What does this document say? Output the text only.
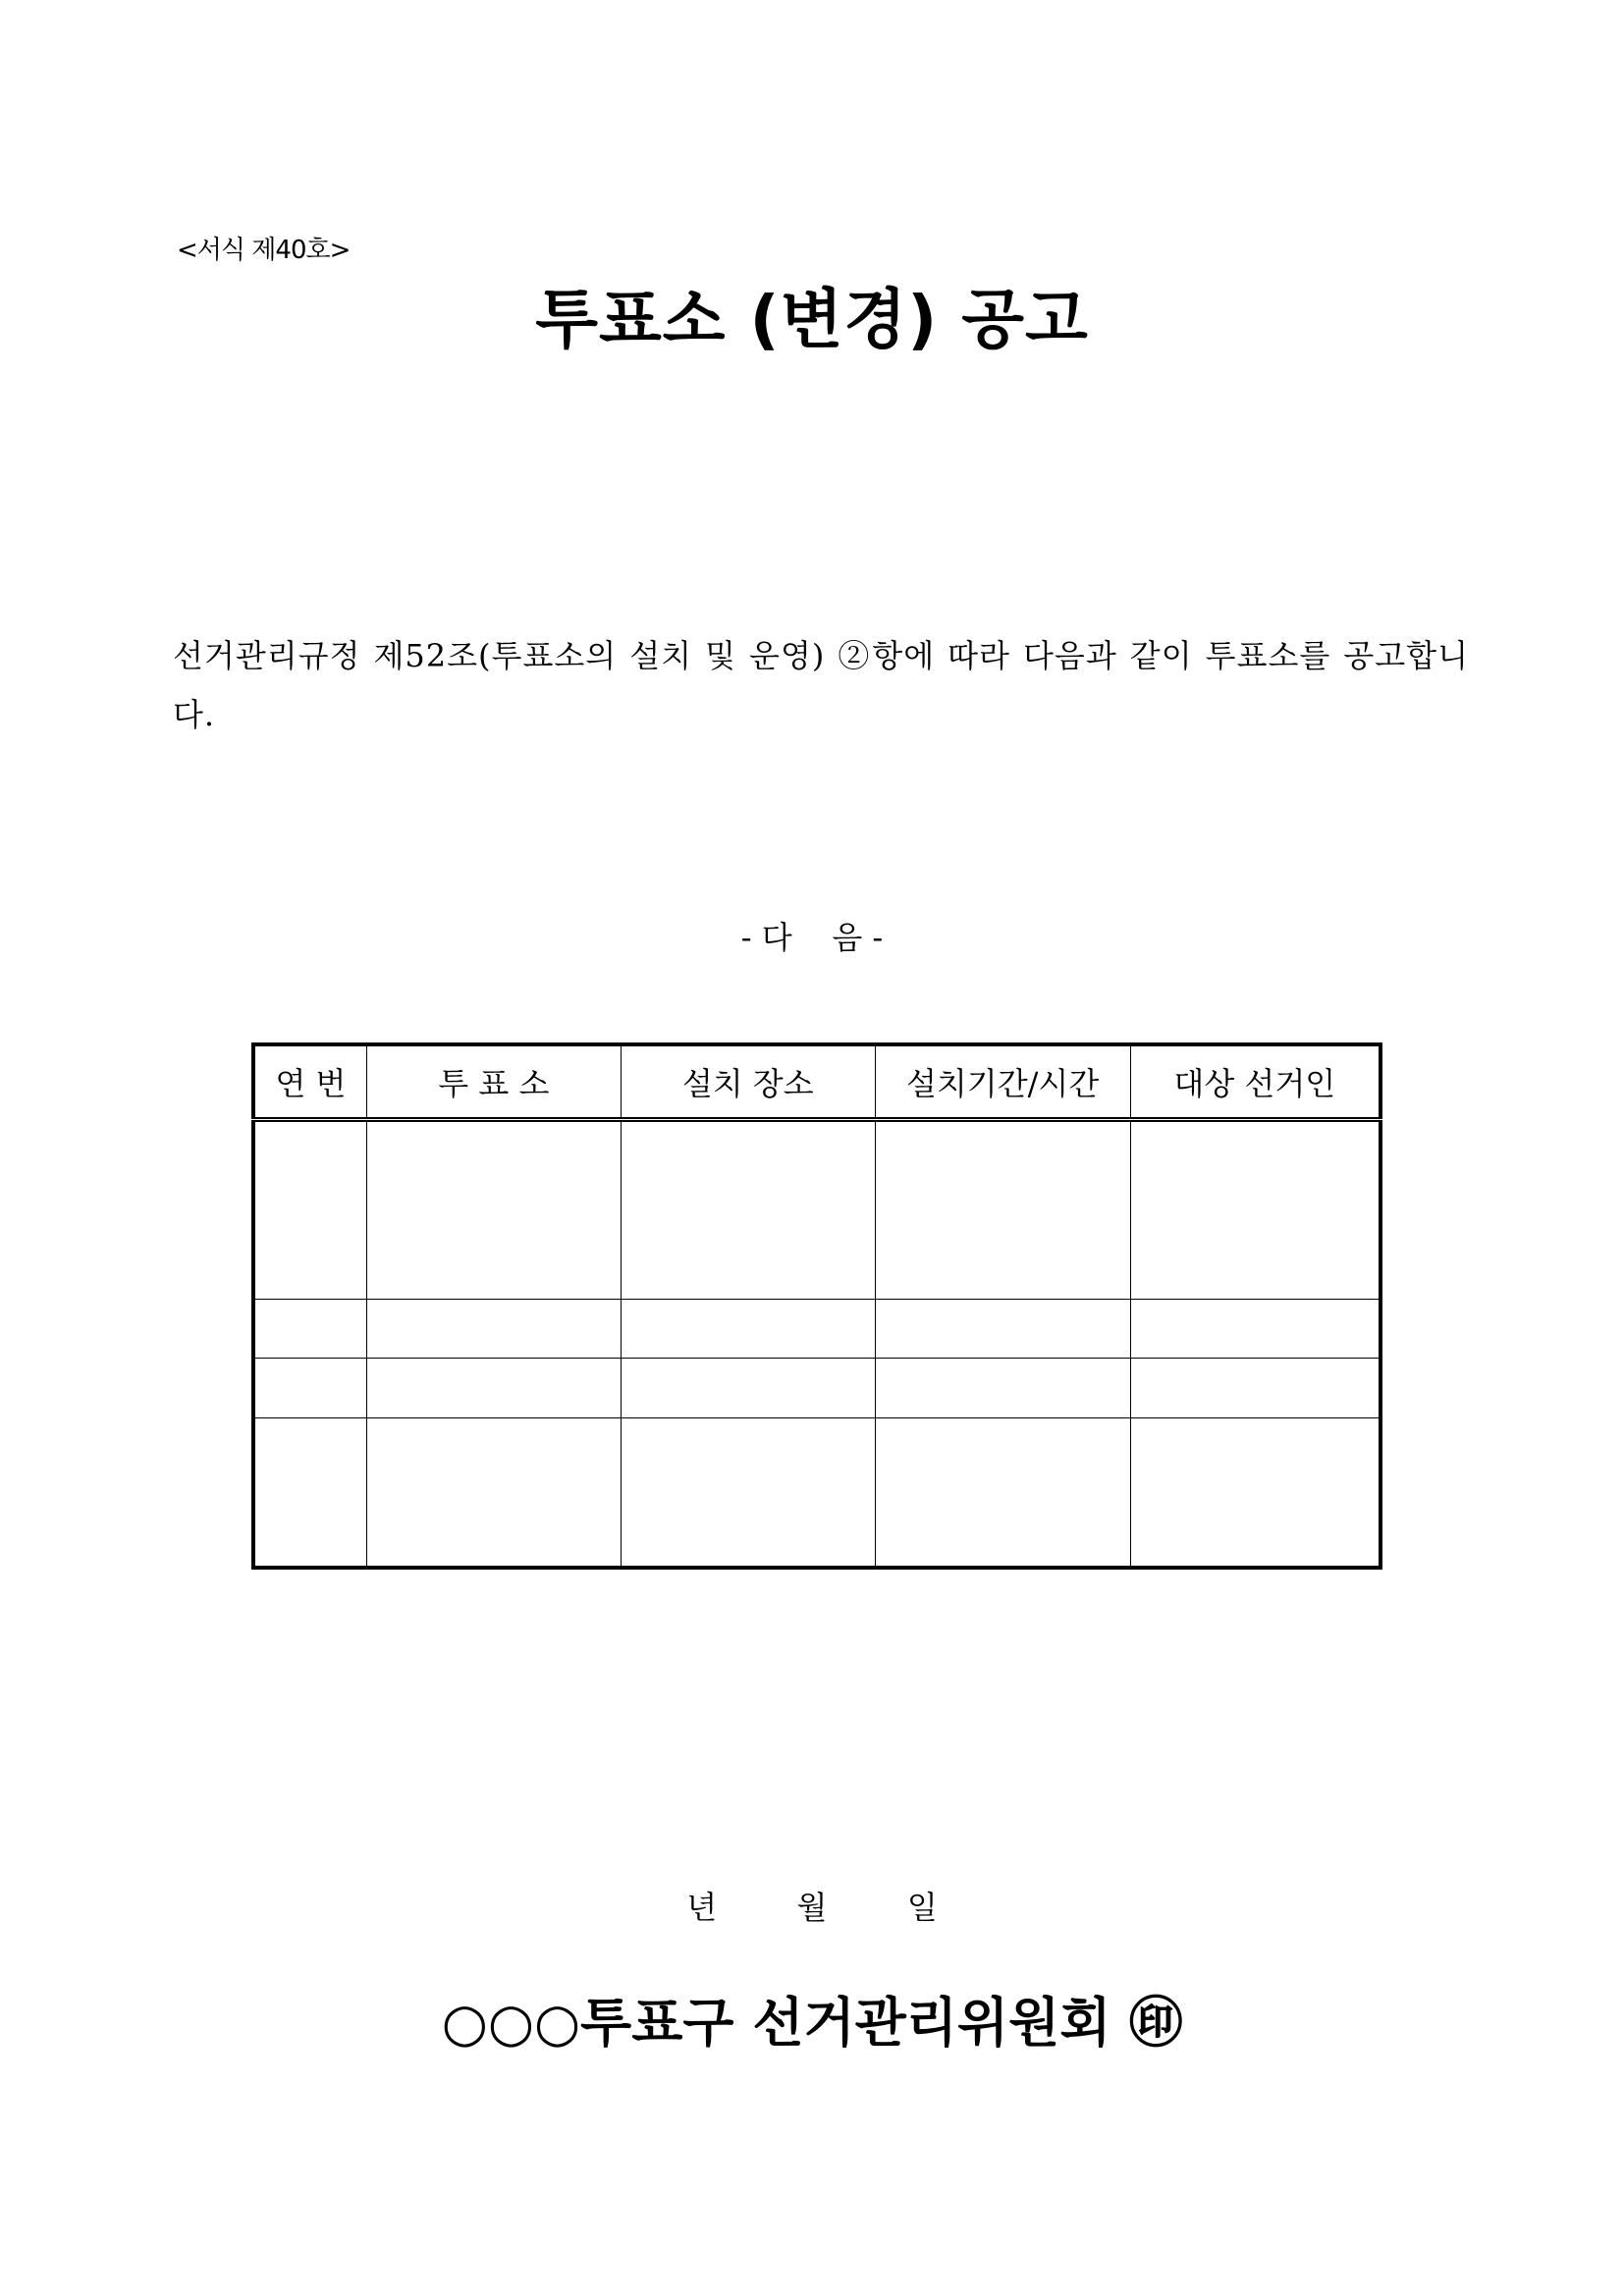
<서식 제40호>
투표소 (변경) 공고
선거관리규정 제52조(투표소의 설치 및 운영) ②항에 따라 다음과 같이 투표소를 공고합니다.
- 다    음 -
연 번	투 표 소	설치 장소	설치기간/시간	대상 선거인

년        월        일
○○○투표구 선거관리위원회 ㊞
